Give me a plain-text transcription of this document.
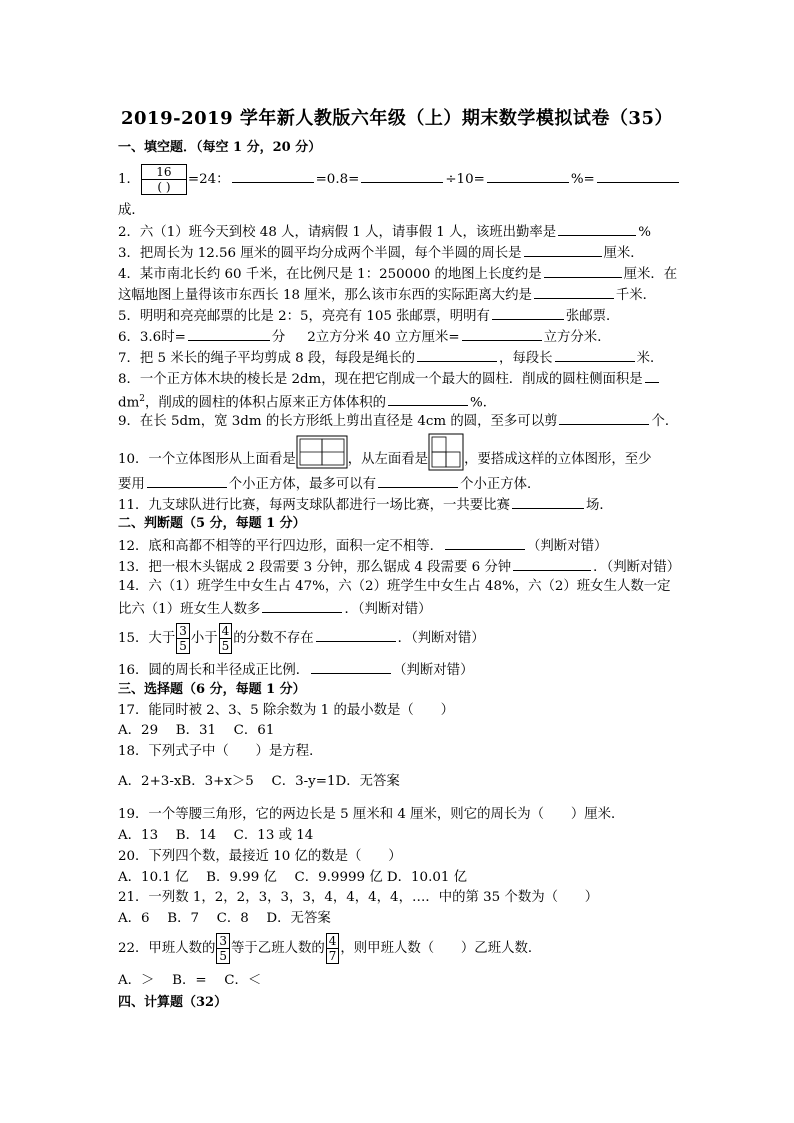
2019-2019 学年新人教版六年级（上）期末数学模拟试卷（35）
一、填空题．（每空 1 分，20 分）
1． $\frac{16}{( )} =24$：	=0.8=	÷10=	%=
成．
2．六（1）班今天到校 48 人，请病假 1 人，请事假 1 人，该班出勤率是	%
3．把周长为 12.56 厘米的圆平均分成两个半圆，每个半圆的周长是	厘米．
4．某市南北长约 60 千米，在比例尺是 1：250000 的地图上长度约是	厘米．在
这幅地图上量得该市东西长 18 厘米，那么该市东西的实际距离大约是	千米．
5．明明和亮亮邮票的比是 2：5，亮亮有 105 张邮票，明明有	张邮票．
6．3.6时=	分 2立方分米 40 立方厘米=	立方分米．
7．把 5 米长的绳子平均剪成 8 段，每段是绳长的	，每段长	米．
8．一个正方体木块的棱长是 2dm，现在把它削成一个最大的圆柱．削成的圆柱侧面积是
$dm^2$，削成的圆柱的体积占原来正方体体积的	%．
9．在长 5dm，宽 3dm 的长方形纸上剪出直径是 4cm 的圆，至多可以剪	个．
10．一个立体图形从上面看是	，从左面看是	，要搭成这样的立体图形，至少
要用	个小正方体，最多可以有	个小正方体．
11．九支球队进行比赛，每两支球队都进行一场比赛，一共要比赛	场．
二、判断题（5 分，每题 1 分）
12．底和高都不相等的平行四边形，面积一定不相等．	（判断对错）
13．把一根木头锯成 2 段需要 3 分钟，那么锯成 4 段需要 6 分钟	．（判断对错）
14．六（1）班学生中女生占 47%，六（2）班学生中女生占 48%，六（2）班女生人数一定
比六（1）班女生人数多	．（判断对错）
15．大于 $\frac{3}{5}$ 小于 $\frac{4}{5}$ 的分数不存在	．（判断对错）
16．圆的周长和半径成正比例．	（判断对错）
三、选择题（6 分，每题 1 分）
17．能同时被 2、3、5 除余数为 1 的最小数是（　　）
A．29　 B．31　 C．61
18．下列式子中（　　）是方程．
A．2+3-xB．3+x＞5　 C．3-y=1D．无答案
19．一个等腰三角形，它的两边长是 5 厘米和 4 厘米，则它的周长为（　　）厘米．
A．13　 B．14　 C．13 或 14
20．下列四个数，最接近 10 亿的数是（　　）
A．10.1 亿　 B．9.99 亿　 C．9.9999 亿 D．10.01 亿
21．一列数 1，2，2，3，3，3，4，4，4，4，…．中的第 35 个数为（　　）
A．6　 B．7　 C．8　 D．无答案
22．甲班人数的 $\frac{3}{5}$ 等于乙班人数的 $\frac{4}{7}$ ，则甲班人数（　　）乙班人数．
A．＞　 B．=　 C．＜
四、计算题（32）
